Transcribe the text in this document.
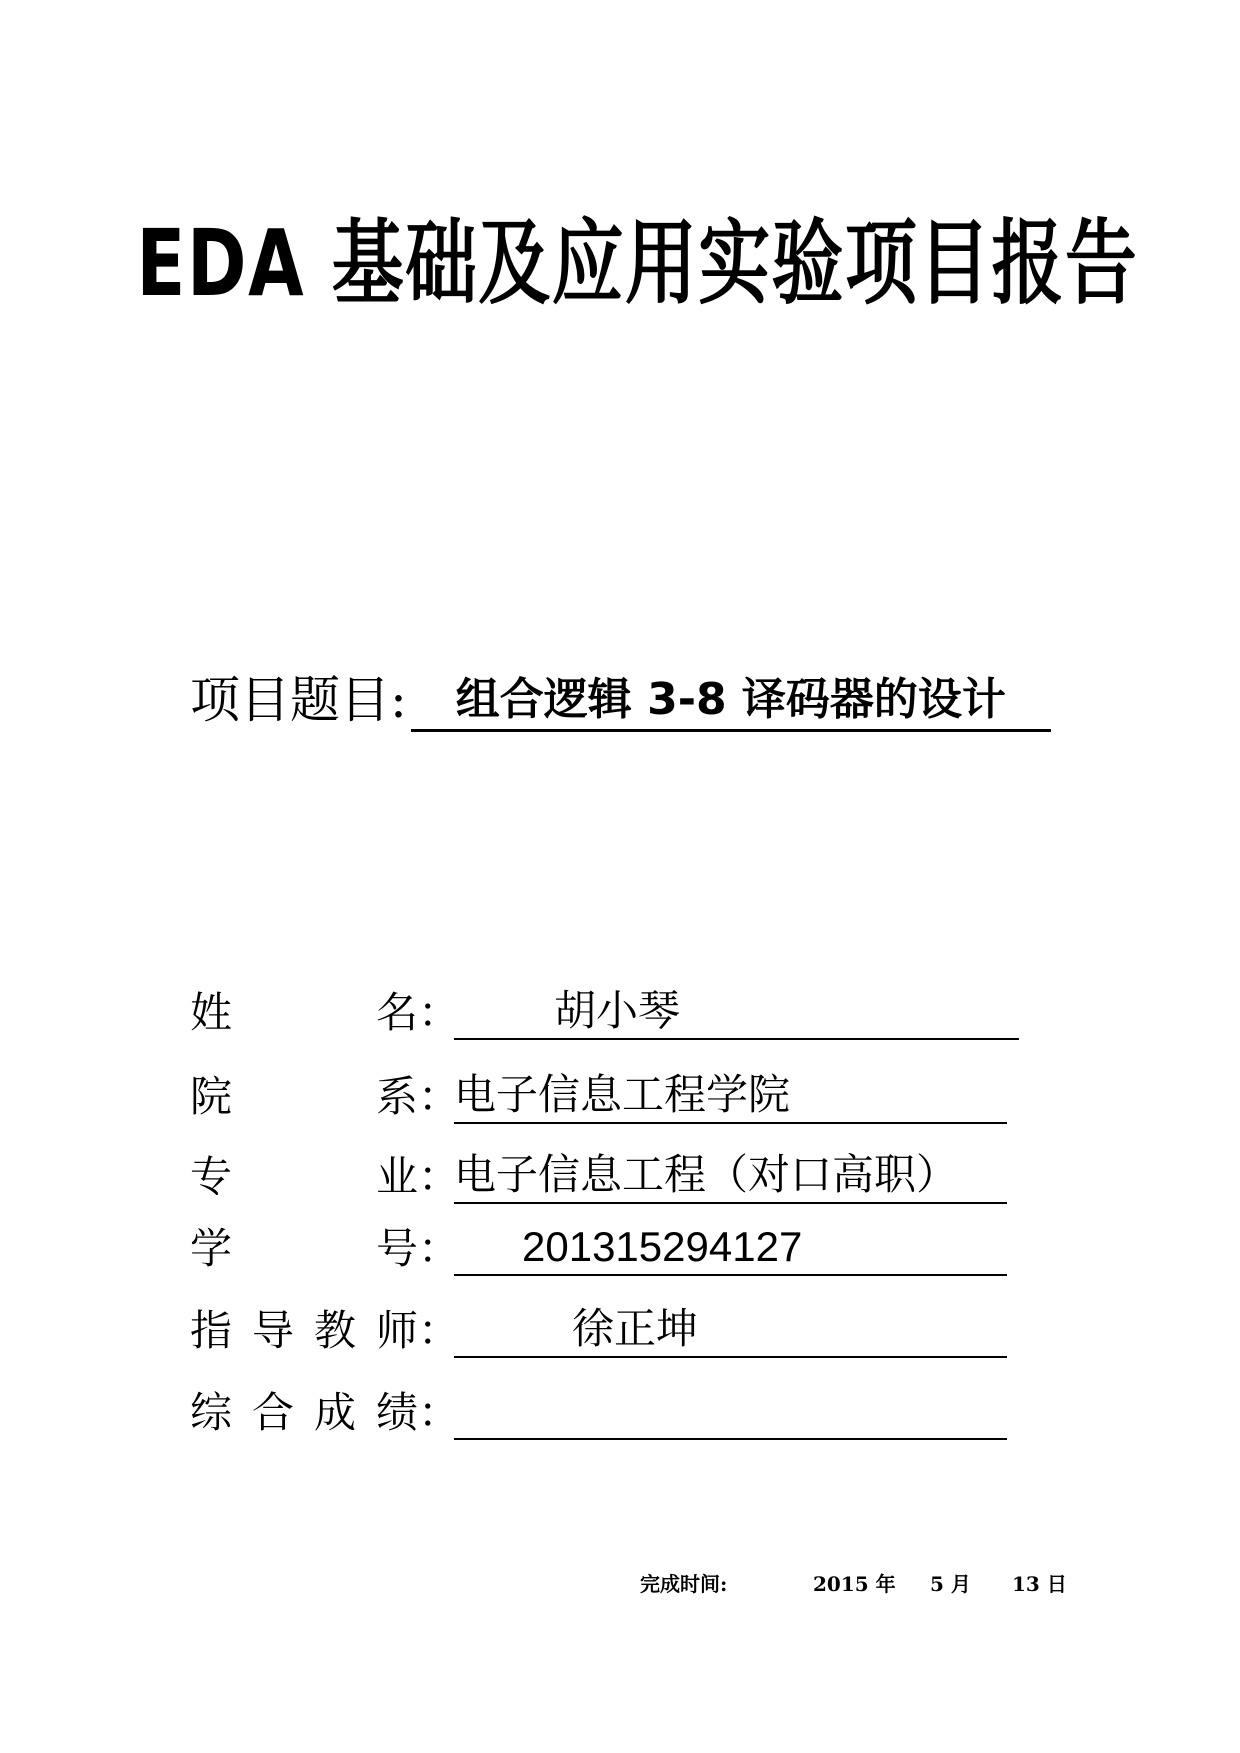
EDA 基础及应用实验项目报告
项目题目: 组合逻辑 3-8 译码器的设计
姓　名： 胡小琴
院　系：电子信息工程学院
专　业：电子信息工程（对口高职）
学　号： 201315294127
指导教师：	徐正坤
综合成绩：
完成时间:	2015 年 5 月 13 日
